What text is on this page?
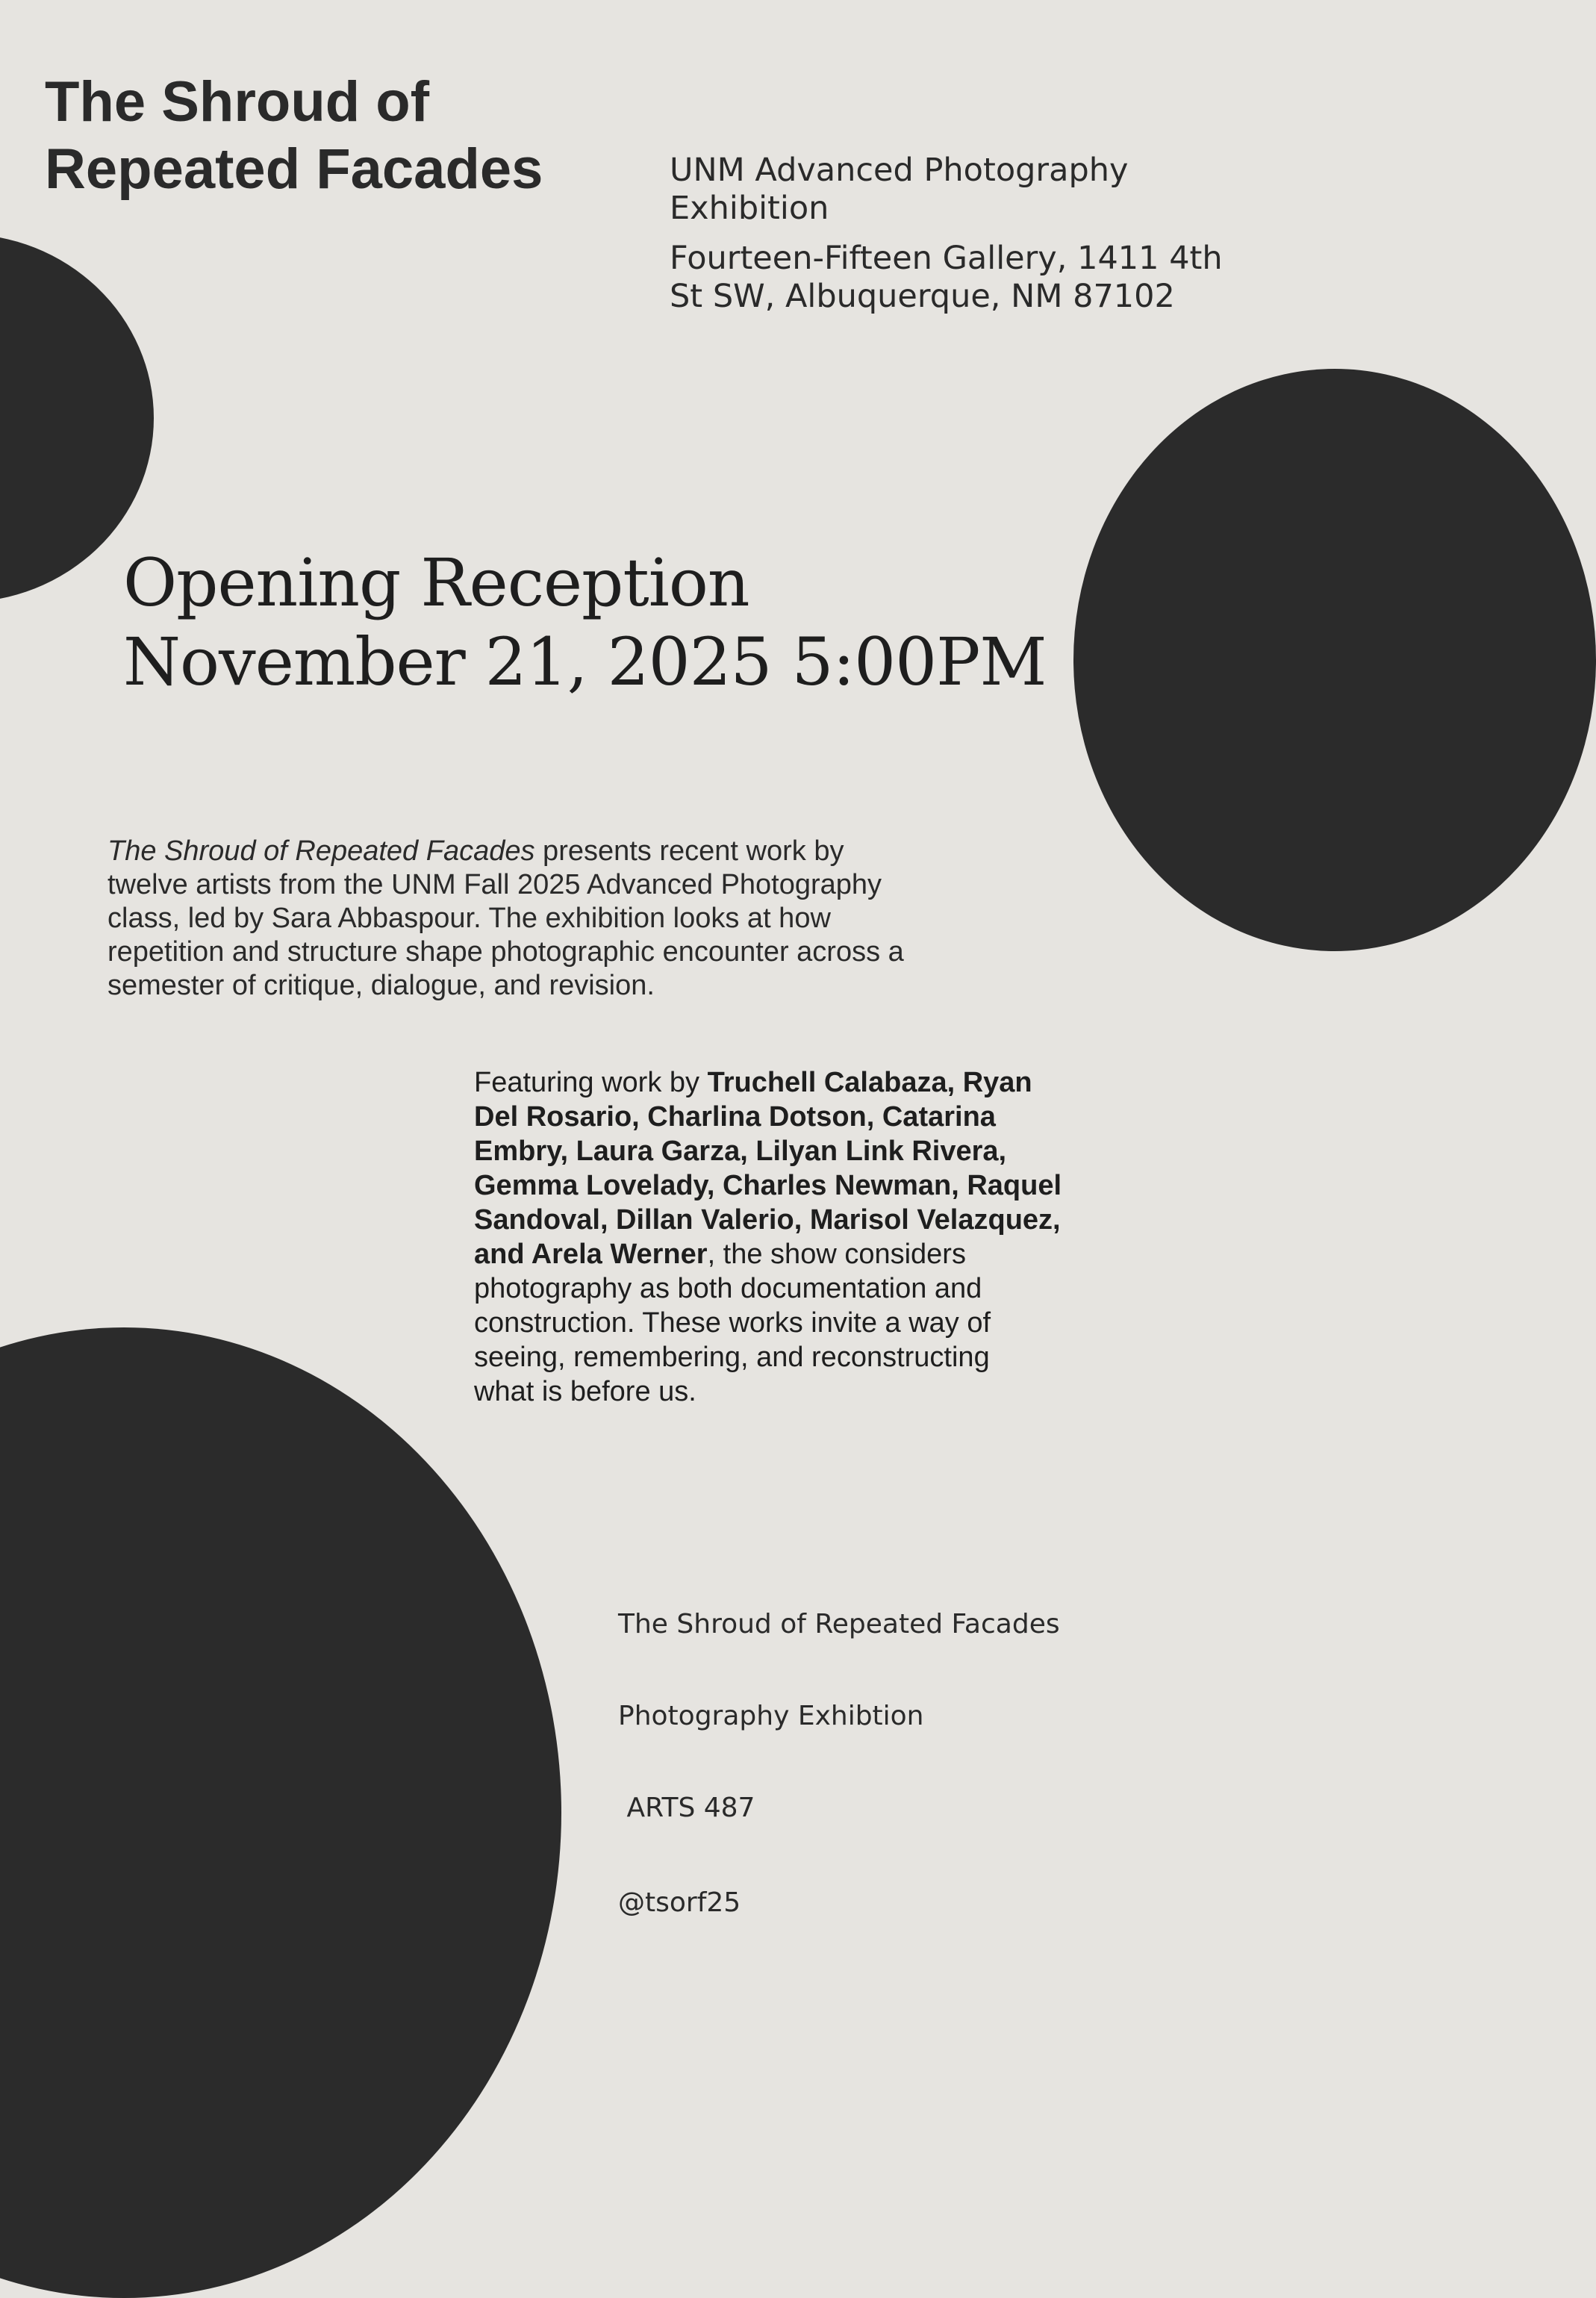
The Shroud of
Repeated Facades	UNM Advanced Photography
Exhibition

Fourteen-Fifteen Gallery, 1411 4th
St SW, Albuquerque, NM 87102

Opening Reception
November 21, 2025 5:00PM

The Shroud of Repeated Facades presents recent work by
twelve artists from the UNM Fall 2025 Advanced Photography
class, led by Sara Abbaspour. The exhibition looks at how
repetition and structure shape photographic encounter across a
semester of critique, dialogue, and revision.

Featuring work by Truchell Calabaza, Ryan
Del Rosario, Charlina Dotson, Catarina
Embry, Laura Garza, Lilyan Link Rivera,
Gemma Lovelady, Charles Newman, Raquel
Sandoval, Dillan Valerio, Marisol Velazquez,
and Arela Werner, the show considers
photography as both documentation and
construction. These works invite a way of
seeing, remembering, and reconstructing
what is before us.

The Shroud of Repeated Facades

Photography Exhibtion

ARTS 487

@tsorf25
